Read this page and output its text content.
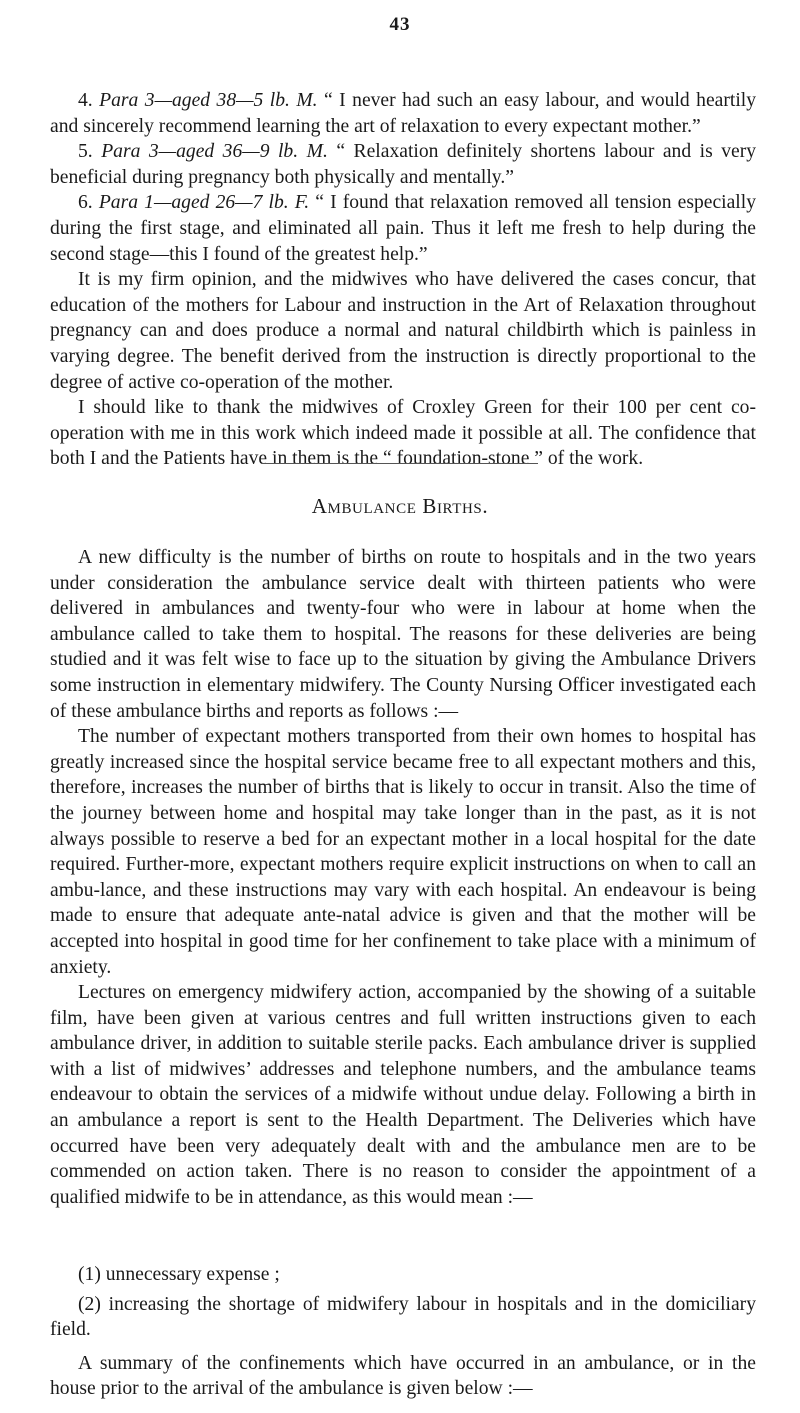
43

4. Para 3—aged 38—5 lb. M. “ I never had such an easy labour, and would heartily and sincerely recommend learning the art of relaxation to every expectant mother.”

5. Para 3—aged 36—9 lb. M. “ Relaxation definitely shortens labour and is very beneficial during pregnancy both physically and mentally.”

6. Para 1—aged 26—7 lb. F. “ I found that relaxation removed all tension especially during the first stage, and eliminated all pain. Thus it left me fresh to help during the second stage—this I found of the greatest help.”

It is my firm opinion, and the midwives who have delivered the cases concur, that education of the mothers for Labour and instruction in the Art of Relaxation throughout pregnancy can and does produce a normal and natural childbirth which is painless in varying degree. The benefit derived from the instruction is directly proportional to the degree of active co-operation of the mother.

I should like to thank the midwives of Croxley Green for their 100 per cent co-operation with me in this work which indeed made it possible at all. The confidence that both I and the Patients have in them is the “ foundation-stone ” of the work.

Ambulance Births.

A new difficulty is the number of births on route to hospitals and in the two years under consideration the ambulance service dealt with thirteen patients who were delivered in ambulances and twenty-four who were in labour at home when the ambulance called to take them to hospital. The reasons for these deliveries are being studied and it was felt wise to face up to the situation by giving the Ambulance Drivers some instruction in elementary midwifery. The County Nursing Officer investigated each of these ambulance births and reports as follows :—

The number of expectant mothers transported from their own homes to hospital has greatly increased since the hospital service became free to all expectant mothers and this, therefore, increases the number of births that is likely to occur in transit. Also the time of the journey between home and hospital may take longer than in the past, as it is not always possible to reserve a bed for an expectant mother in a local hospital for the date required. Further-more, expectant mothers require explicit instructions on when to call an ambu-lance, and these instructions may vary with each hospital. An endeavour is being made to ensure that adequate ante-natal advice is given and that the mother will be accepted into hospital in good time for her confinement to take place with a minimum of anxiety.

Lectures on emergency midwifery action, accompanied by the showing of a suitable film, have been given at various centres and full written instructions given to each ambulance driver, in addition to suitable sterile packs. Each ambulance driver is supplied with a list of midwives’ addresses and telephone numbers, and the ambulance teams endeavour to obtain the services of a midwife without undue delay. Following a birth in an ambulance a report is sent to the Health Department. The Deliveries which have occurred have been very adequately dealt with and the ambulance men are to be commended on action taken. There is no reason to consider the appointment of a qualified midwife to be in attendance, as this would mean :—

(1) unnecessary expense ;

(2) increasing the shortage of midwifery labour in hospitals and in the domiciliary field.

A summary of the confinements which have occurred in an ambulance, or in the house prior to the arrival of the ambulance is given below :—
